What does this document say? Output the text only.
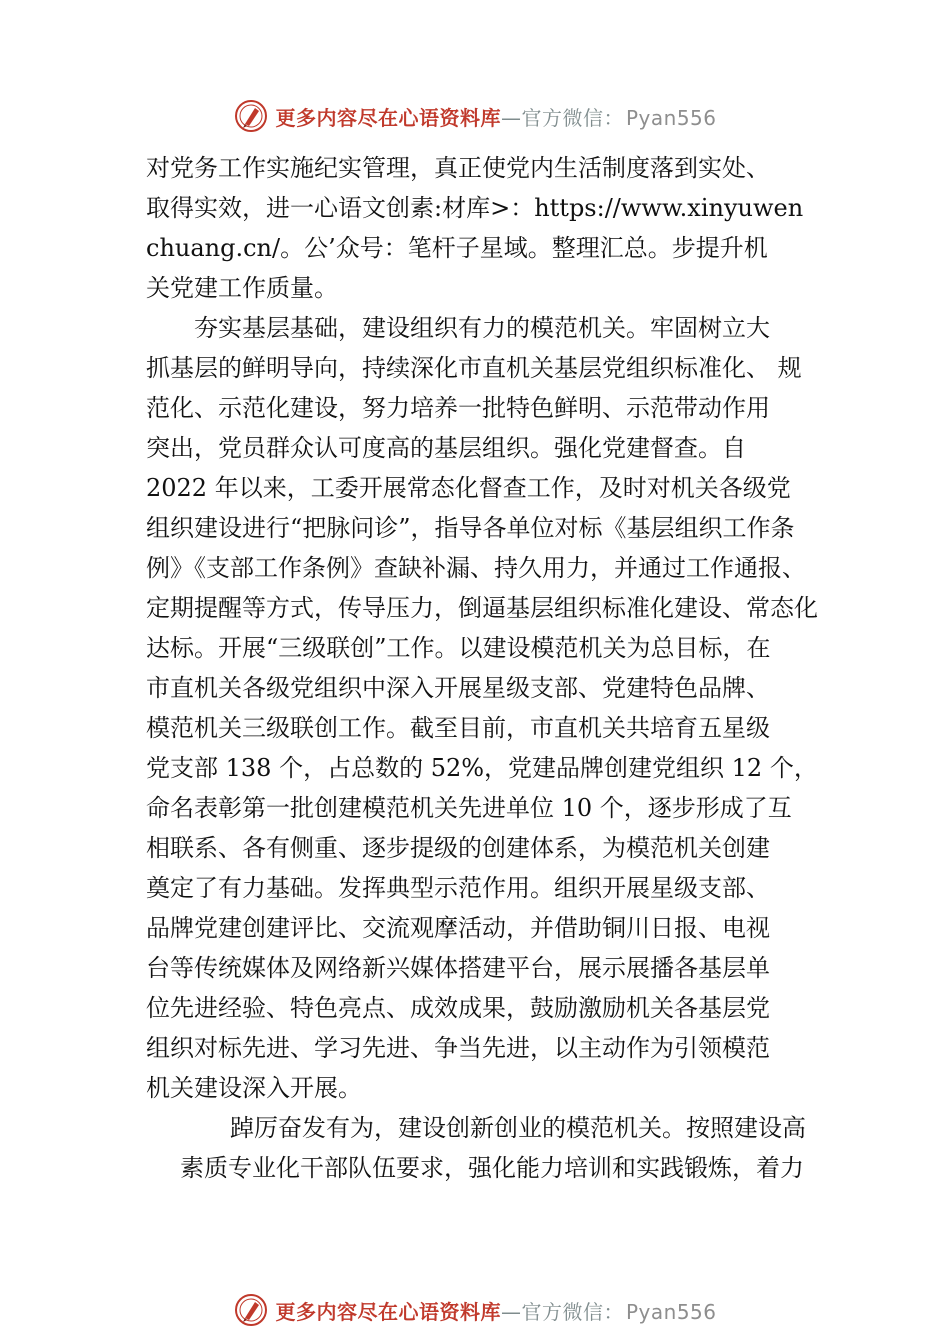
更多内容尽在心语资料库—官方微信： Pyan556
对党务工作实施纪实管理，真正使党内生活制度落到实处、
取得实效，进一心语文创素:材库>：https://www.xinyuwen
chuang.cn/。公’众号：笔杆子星域。整理汇总。步提升机
关党建工作质量。
夯实基层基础，建设组织有力的模范机关。牢固树立大
抓基层的鲜明导向，持续深化市直机关基层党组织标准化、 规
范化、示范化建设，努力培养一批特色鲜明、示范带动作用
突出，党员群众认可度高的基层组织。强化党建督查。自
2022 年以来，工委开展常态化督查工作，及时对机关各级党
组织建设进行“把脉问诊”，指导各单位对标《基层组织工作条
例》《支部工作条例》查缺补漏、持久用力，并通过工作通报、
定期提醒等方式，传导压力，倒逼基层组织标准化建设、常态化
达标。开展“三级联创”工作。以建设模范机关为总目标，在
市直机关各级党组织中深入开展星级支部、党建特色品牌、
模范机关三级联创工作。截至目前，市直机关共培育五星级
党支部 138 个，占总数的 52%，党建品牌创建党组织 12 个，
命名表彰第一批创建模范机关先进单位 10 个，逐步形成了互
相联系、各有侧重、逐步提级的创建体系，为模范机关创建
奠定了有力基础。发挥典型示范作用。组织开展星级支部、
品牌党建创建评比、交流观摩活动，并借助铜川日报、电视
台等传统媒体及网络新兴媒体搭建平台，展示展播各基层单
位先进经验、特色亮点、成效成果，鼓励激励机关各基层党
组织对标先进、学习先进、争当先进，以主动作为引领模范
机关建设深入开展。
踔厉奋发有为，建设创新创业的模范机关。按照建设高
素质专业化干部队伍要求，强化能力培训和实践锻炼，着力
更多内容尽在心语资料库—官方微信： Pyan556
